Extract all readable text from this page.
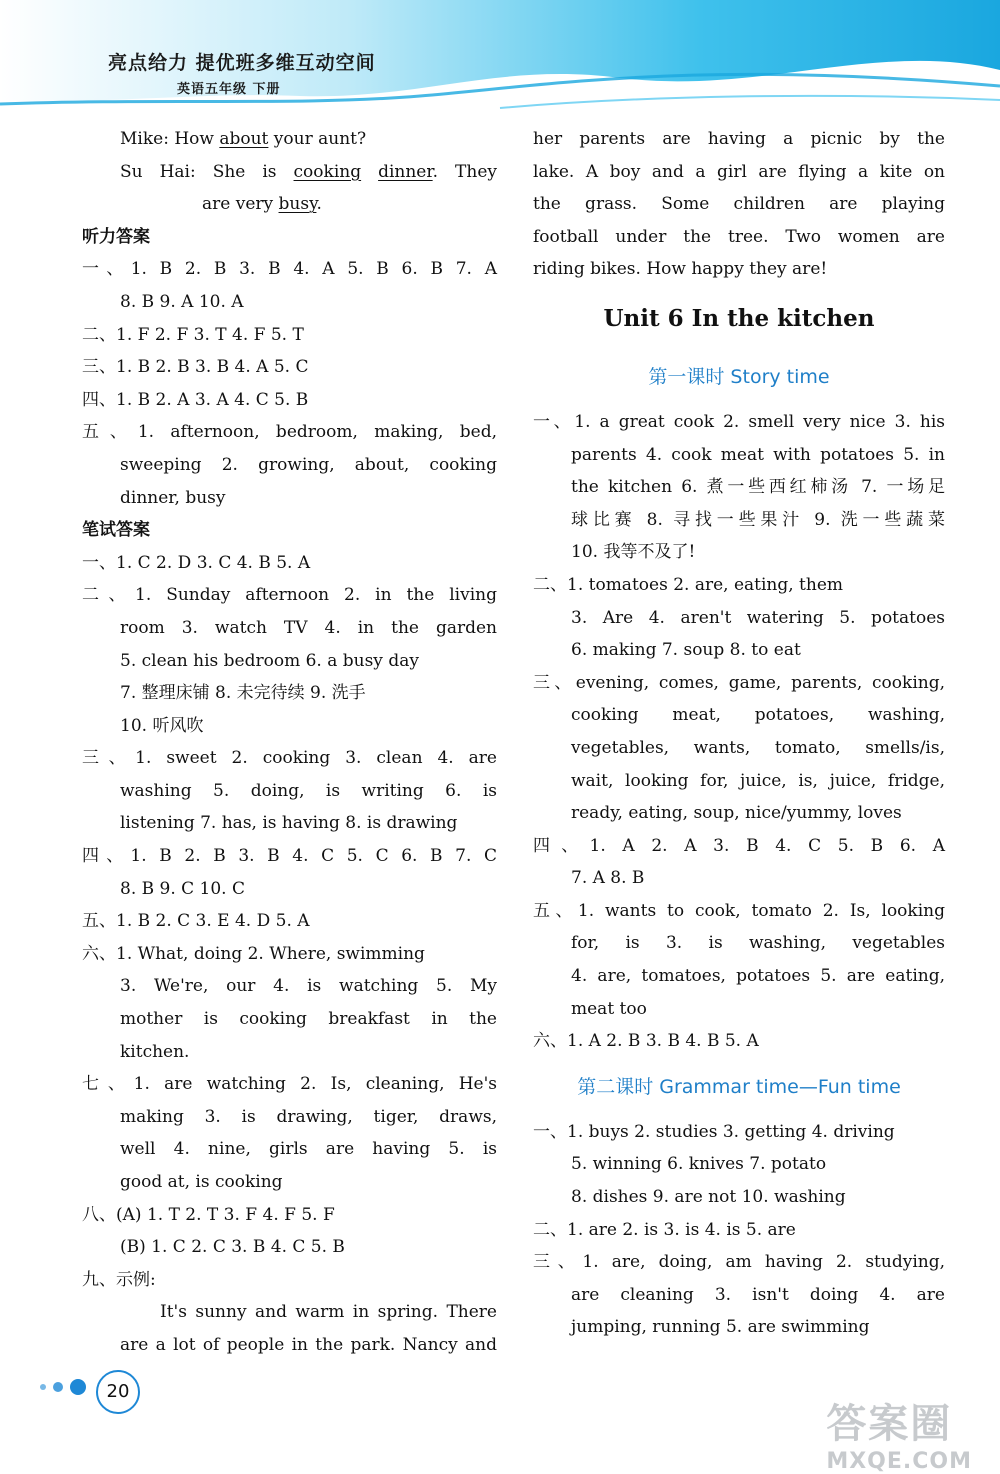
亮点给力 提优班多维互动空间
英语五年级 下册
Mike: How about your aunt?
Su Hai: She is cooking dinner. They
are very busy.
听力答案
一、1. B 2. B 3. B 4. A 5. B 6. B 7. A
8. B 9. A 10. A
二、1. F 2. F 3. T 4. F 5. T
三、1. B 2. B 3. B 4. A 5. C
四、1. B 2. A 3. A 4. C 5. B
五、1. afternoon, bedroom, making, bed,
sweeping 2. growing, about, cooking
dinner, busy
笔试答案
一、1. C 2. D 3. C 4. B 5. A
二、1. Sunday afternoon 2. in the living
room 3. watch TV 4. in the garden
5. clean his bedroom 6. a busy day
7. 整理床铺 8. 未完待续 9. 洗手
10. 听风吹
三、1. sweet 2. cooking 3. clean 4. are
washing 5. doing, is writing 6. is
listening 7. has, is having 8. is drawing
四、1. B 2. B 3. B 4. C 5. C 6. B 7. C
8. B 9. C 10. C
五、1. B 2. C 3. E 4. D 5. A
六、1. What, doing 2. Where, swimming
3. We're, our 4. is watching 5. My
mother is cooking breakfast in the
kitchen.
七、1. are watching 2. Is, cleaning, He's
making 3. is drawing, tiger, draws,
well 4. nine, girls are having 5. is
good at, is cooking
八、(A) 1. T 2. T 3. F 4. F 5. F
(B) 1. C 2. C 3. B 4. C 5. B
九、示例:
It's sunny and warm in spring. There
are a lot of people in the park. Nancy and
her parents are having a picnic by the
lake. A boy and a girl are flying a kite on
the grass. Some children are playing
football under the tree. Two women are
riding bikes. How happy they are!
Unit 6 In the kitchen
第一课时 Story time
一、1. a great cook 2. smell very nice 3. his
parents 4. cook meat with potatoes 5. in
the kitchen 6. 煮一些西红柿汤 7. 一场足
球比赛 8. 寻找一些果汁 9. 洗一些蔬菜
10. 我等不及了!
二、1. tomatoes 2. are, eating, them
3. Are 4. aren't watering 5. potatoes
6. making 7. soup 8. to eat
三、evening, comes, game, parents, cooking,
cooking meat, potatoes, washing,
vegetables, wants, tomato, smells/is,
wait, looking for, juice, is, juice, fridge,
ready, eating, soup, nice/yummy, loves
四、1. A 2. A 3. B 4. C 5. B 6. A
7. A 8. B
五、1. wants to cook, tomato 2. Is, looking
for, is 3. is washing, vegetables
4. are, tomatoes, potatoes 5. are eating,
meat too
六、1. A 2. B 3. B 4. B 5. A
第二课时 Grammar time—Fun time
一、1. buys 2. studies 3. getting 4. driving
5. winning 6. knives 7. potato
8. dishes 9. are not 10. washing
二、1. are 2. is 3. is 4. is 5. are
三、1. are, doing, am having 2. studying,
are cleaning 3. isn't doing 4. are
jumping, running 5. are swimming
20
答案圈
MXQE.COM
